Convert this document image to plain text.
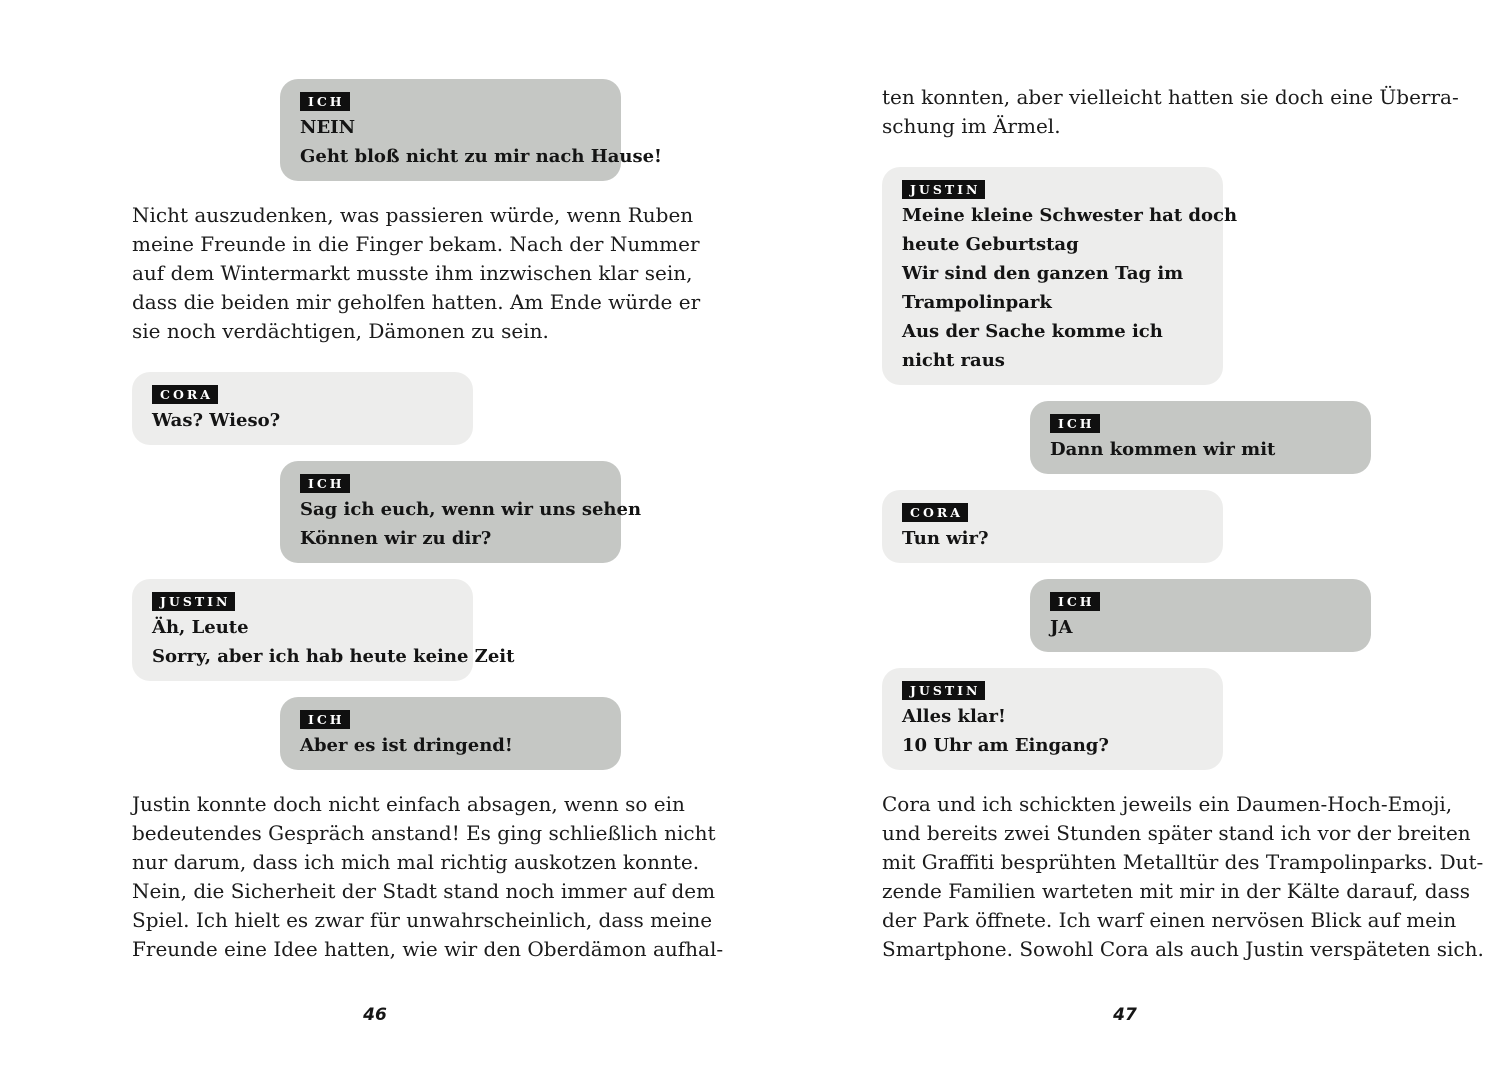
ICH
NEIN
Geht bloß nicht zu mir nach Hause!
Nicht auszudenken, was passieren würde, wenn Ruben
meine Freunde in die Finger bekam. Nach der Nummer
auf dem Wintermarkt musste ihm inzwischen klar sein,
dass die beiden mir geholfen hatten. Am Ende würde er
sie noch verdächtigen, Dämonen zu sein.
CORA
Was? Wieso?
ICH
Sag ich euch, wenn wir uns sehen
Können wir zu dir?
JUSTIN
Äh, Leute
Sorry, aber ich hab heute keine Zeit
ICH
Aber es ist dringend!
Justin konnte doch nicht einfach absagen, wenn so ein
bedeutendes Gespräch anstand! Es ging schließlich nicht
nur darum, dass ich mich mal richtig auskotzen konnte.
Nein, die Sicherheit der Stadt stand noch immer auf dem
Spiel. Ich hielt es zwar für unwahrscheinlich, dass meine
Freunde eine Idee hatten, wie wir den Oberdämon aufhal-
46
ten konnten, aber vielleicht hatten sie doch eine Überra-
schung im Ärmel.
JUSTIN
Meine kleine Schwester hat doch
heute Geburtstag
Wir sind den ganzen Tag im
Trampolinpark
Aus der Sache komme ich
nicht raus
ICH
Dann kommen wir mit
CORA
Tun wir?
ICH
JA
JUSTIN
Alles klar!
10 Uhr am Eingang?
Cora und ich schickten jeweils ein Daumen-Hoch-Emoji,
und bereits zwei Stunden später stand ich vor der breiten
mit Graffiti besprühten Metalltür des Trampolinparks. Dut-
zende Familien warteten mit mir in der Kälte darauf, dass
der Park öffnete. Ich warf einen nervösen Blick auf mein
Smartphone. Sowohl Cora als auch Justin verspäteten sich.
47
